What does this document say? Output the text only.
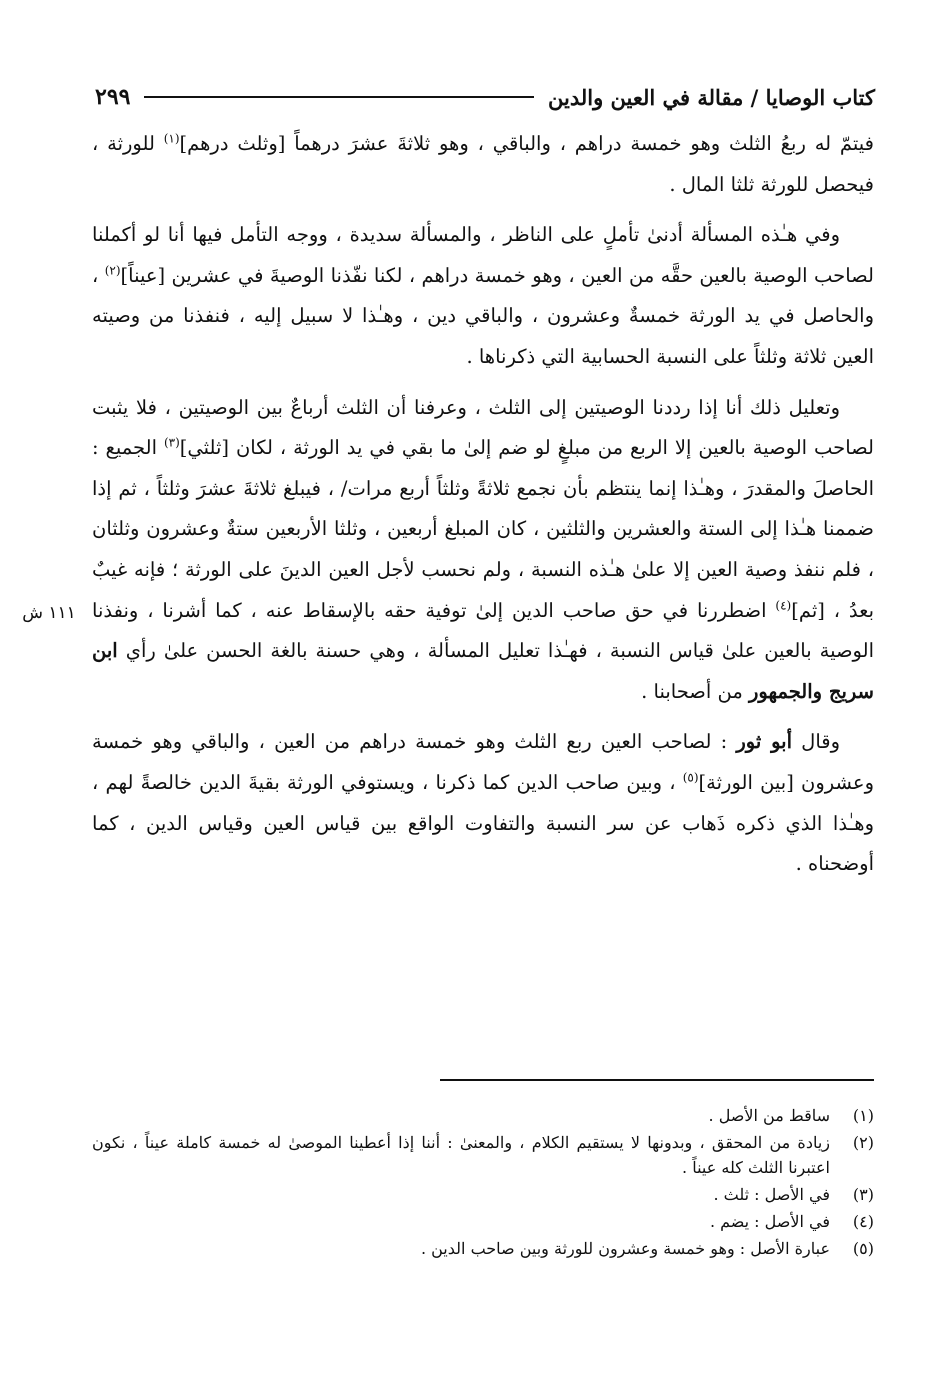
كتاب الوصايا / مقالة في العين والدين
٢٩٩

فيتمّ له ربعُ الثلث وهو خمسة دراهم ، والباقي ، وهو ثلاثةَ عشرَ درهماً [وثلث درهم]$^{(١)}$ للورثة ، فيحصل للورثة ثلثا المال .

وفي هـٰذه المسألة أدنىٰ تأملٍ على الناظر ، والمسألة سديدة ، ووجه التأمل فيها أنا لو أكملنا لصاحب الوصية بالعين حقَّه من العين ، وهو خمسة دراهم ، لكنا نفّذنا الوصيةَ في عشرين [عيناً]$^{(٢)}$ ، والحاصل في يد الورثة خمسةٌ وعشرون ، والباقي دين ، وهـٰذا لا سبيل إليه ، فنفذنا من وصيته العين ثلاثة وثلثاً على النسبة الحسابية التي ذكرناها .

وتعليل ذلك أنا إذا رددنا الوصيتين إلى الثلث ، وعرفنا أن الثلث أرباعٌ بين الوصيتين ، فلا يثبت لصاحب الوصية بالعين إلا الربع من مبلغٍ لو ضم إلىٰ ما بقي في يد الورثة ، لكان [ثلثي]$^{(٣)}$ الجميع : الحاصلَ والمقدرَ ، وهـٰذا إنما ينتظم بأن نجمع ثلاثةً وثلثاً أربع مرات/ ، فيبلغ ثلاثةَ عشرَ وثلثاً ، ثم إذا ضممنا هـٰذا إلى الستة والعشرين والثلثين ، كان المبلغ أربعين ، وثلثا الأربعين ستةٌ وعشرون وثلثان ، فلم ننفذ وصية العين إلا علىٰ هـٰذه النسبة ، ولم نحسب لأجل العين الدينَ على الورثة ؛ فإنه غيبٌ بعدُ ، [ثم]$^{(٤)}$ اضطررنا في حق صاحب الدين إلىٰ توفية حقه بالإسقاط عنه ، كما أشرنا ، ونفذنا الوصية بالعين علىٰ قياس النسبة ، فهـٰذا تعليل المسألة ، وهي حسنة بالغة الحسن علىٰ رأي ابن سريج والجمهور من أصحابنا .

وقال أبو ثور : لصاحب العين ربع الثلث وهو خمسة دراهم من العين ، والباقي وهو خمسة وعشرون [بين الورثة]$^{(٥)}$ ، وبين صاحب الدين كما ذكرنا ، ويستوفي الورثة بقيةَ الدين خالصةً لهم ، وهـٰذا الذي ذكره ذَهاب عن سر النسبة والتفاوت الواقع بين قياس العين وقياس الدين ، كما أوضحناه .

١١١ ش
(١)
ساقط من الأصل .
(٢)
زيادة من المحقق ، وبدونها لا يستقيم الكلام ، والمعنىٰ : أننا إذا أعطينا الموصىٰ له خمسة كاملة عيناً ، نكون اعتبرنا الثلث كله عيناً .
(٣)
في الأصل : ثلث .
(٤)
في الأصل : يضم .
(٥)
عبارة الأصل : وهو خمسة وعشرون للورثة وبين صاحب الدين .
